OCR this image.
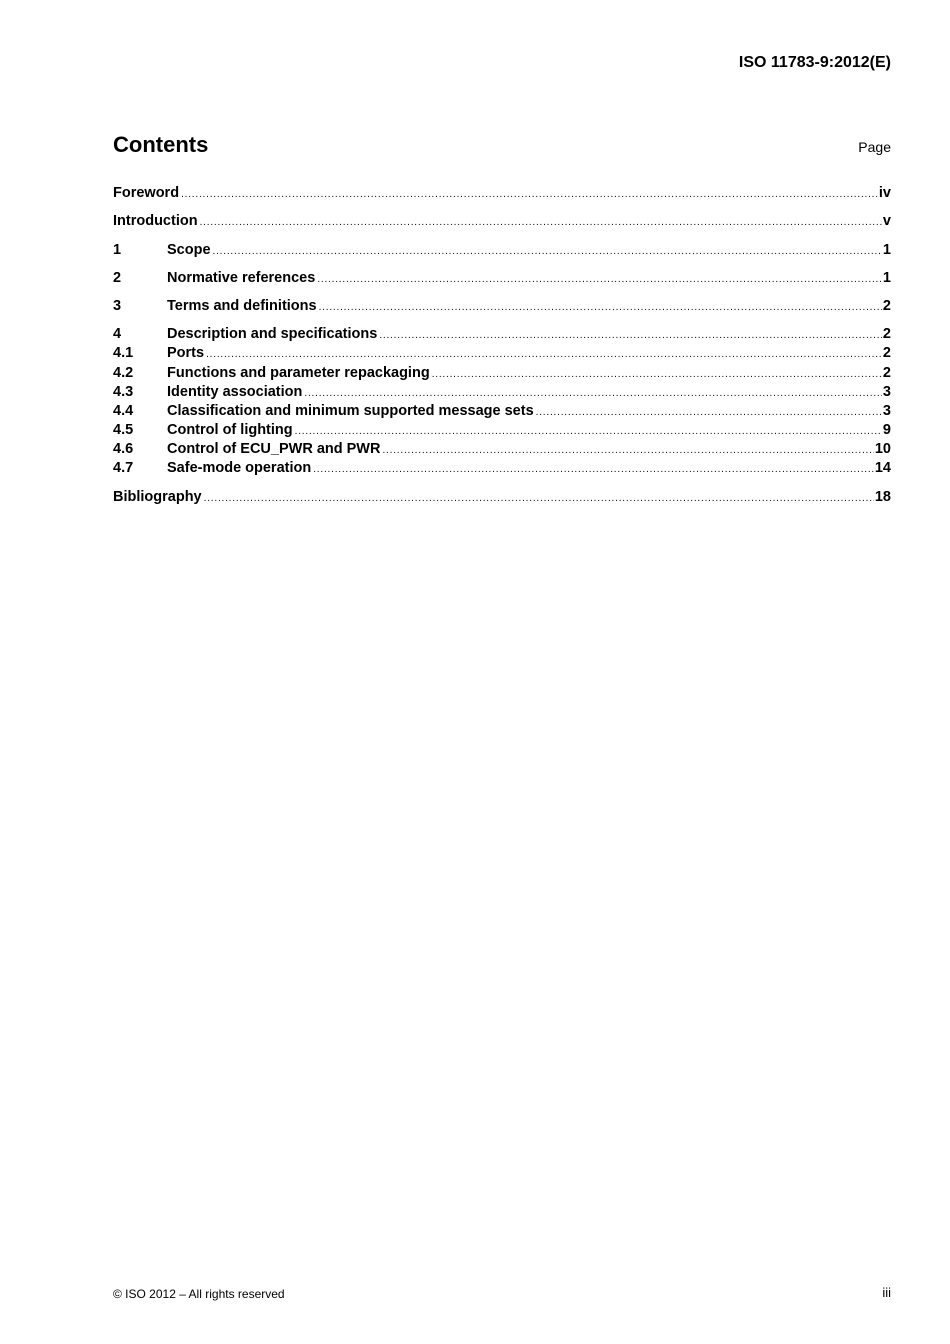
ISO 11783-9:2012(E)
Contents	Page
Foreword .....	iv
Introduction .....	v
1	Scope .....	1
2	Normative references .....	1
3	Terms and definitions .....	2
4	Description and specifications .....	2
4.1	Ports .....	2
4.2	Functions and parameter repackaging .....	2
4.3	Identity association .....	3
4.4	Classification and minimum supported message sets .....	3
4.5	Control of lighting .....	9
4.6	Control of ECU_PWR and PWR .....	10
4.7	Safe-mode operation .....	14
Bibliography .....	18
© ISO 2012 – All rights reserved	iii
